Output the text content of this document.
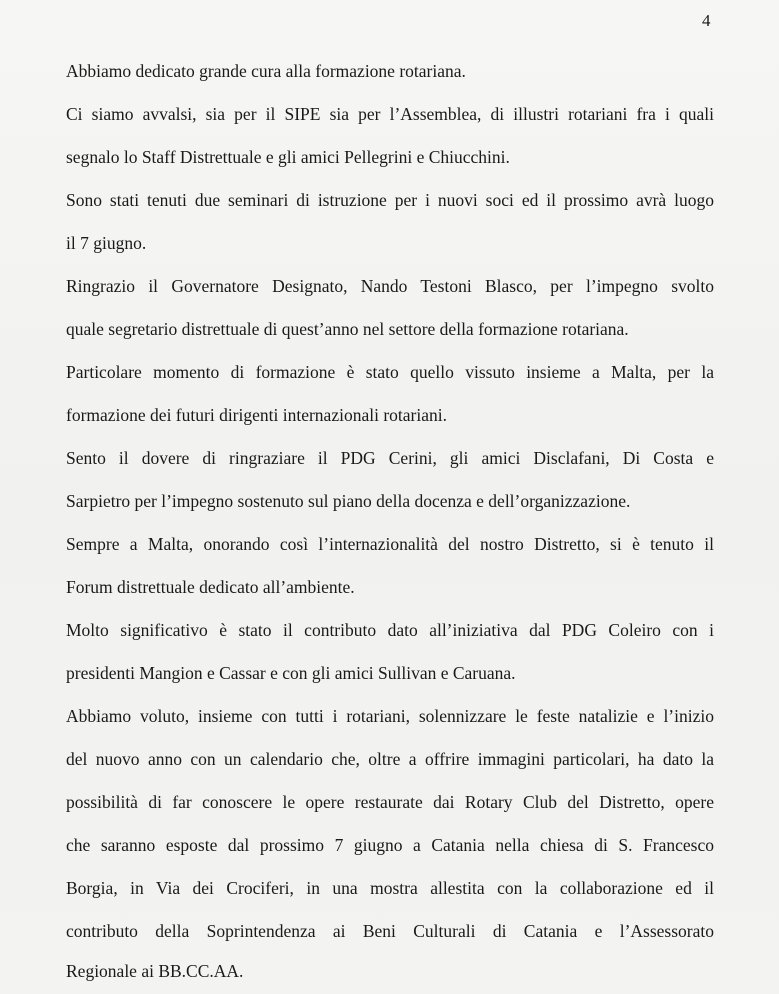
4
Abbiamo dedicato grande cura alla formazione rotariana.
Ci siamo avvalsi, sia per il SIPE sia per l’Assemblea, di illustri rotariani fra i quali
segnalo lo Staff Distrettuale e gli amici Pellegrini e Chiucchini.
Sono stati tenuti due seminari di istruzione per i nuovi soci ed il prossimo avrà luogo
il 7 giugno.
Ringrazio il Governatore Designato, Nando Testoni Blasco, per l’impegno svolto
quale segretario distrettuale di quest’anno nel settore della formazione rotariana.
Particolare momento di formazione è stato quello vissuto insieme a Malta, per la
formazione dei futuri dirigenti internazionali rotariani.
Sento il dovere di ringraziare il PDG Cerini, gli amici Disclafani, Di Costa e
Sarpietro per l’impegno sostenuto sul piano della docenza e dell’organizzazione.
Sempre a Malta, onorando così l’internazionalità del nostro Distretto, si è tenuto il
Forum distrettuale dedicato all’ambiente.
Molto significativo è stato il contributo dato all’iniziativa dal PDG Coleiro con i
presidenti Mangion e Cassar e con gli amici Sullivan e Caruana.
Abbiamo voluto, insieme con tutti i rotariani, solennizzare le feste natalizie e l’inizio
del nuovo anno con un calendario che, oltre a offrire immagini particolari, ha dato la
possibilità di far conoscere le opere restaurate dai Rotary Club del Distretto, opere
che saranno esposte dal prossimo 7 giugno a Catania nella chiesa di S. Francesco
Borgia, in Via dei Crociferi, in una mostra allestita con la collaborazione ed il
contributo della Soprintendenza ai Beni Culturali di Catania e l’Assessorato
Regionale ai BB.CC.AA.
